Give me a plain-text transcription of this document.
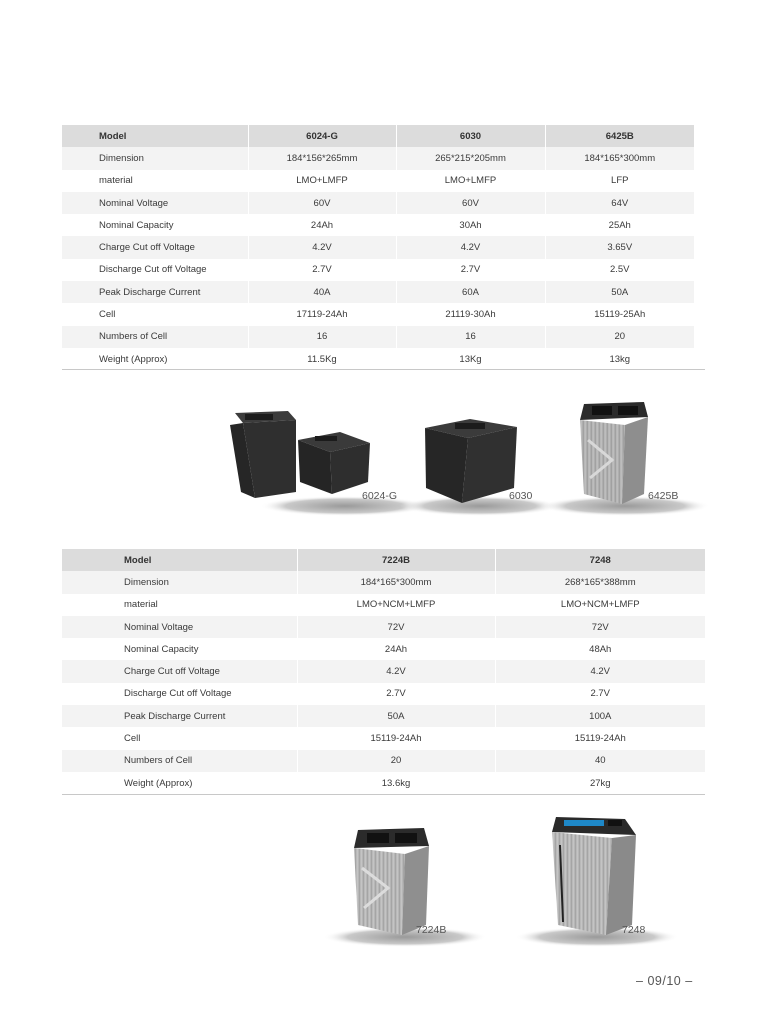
Model	6024-G	6030	6425B
Dimension	184*156*265mm	265*215*205mm	184*165*300mm
material	LMO+LMFP	LMO+LMFP	LFP
Nominal Voltage	60V	60V	64V
Nominal Capacity	24Ah	30Ah	25Ah
Charge Cut off Voltage	4.2V	4.2V	3.65V
Discharge Cut off Voltage	2.7V	2.7V	2.5V
Peak Discharge Current	40A	60A	50A
Cell	17119-24Ah	21119-30Ah	15119-25Ah
Numbers of Cell	16	16	20
Weight (Approx)	11.5Kg	13Kg	13kg
6024-G	6030	6425B
Model	7224B	7248
Dimension	184*165*300mm	268*165*388mm
material	LMO+NCM+LMFP	LMO+NCM+LMFP
Nominal Voltage	72V	72V
Nominal Capacity	24Ah	48Ah
Charge Cut off Voltage	4.2V	4.2V
Discharge Cut off Voltage	2.7V	2.7V
Peak Discharge Current	50A	100A
Cell	15119-24Ah	15119-24Ah
Numbers of Cell	20	40
Weight (Approx)	13.6kg	27kg
7224B	7248
– 09/10 –
